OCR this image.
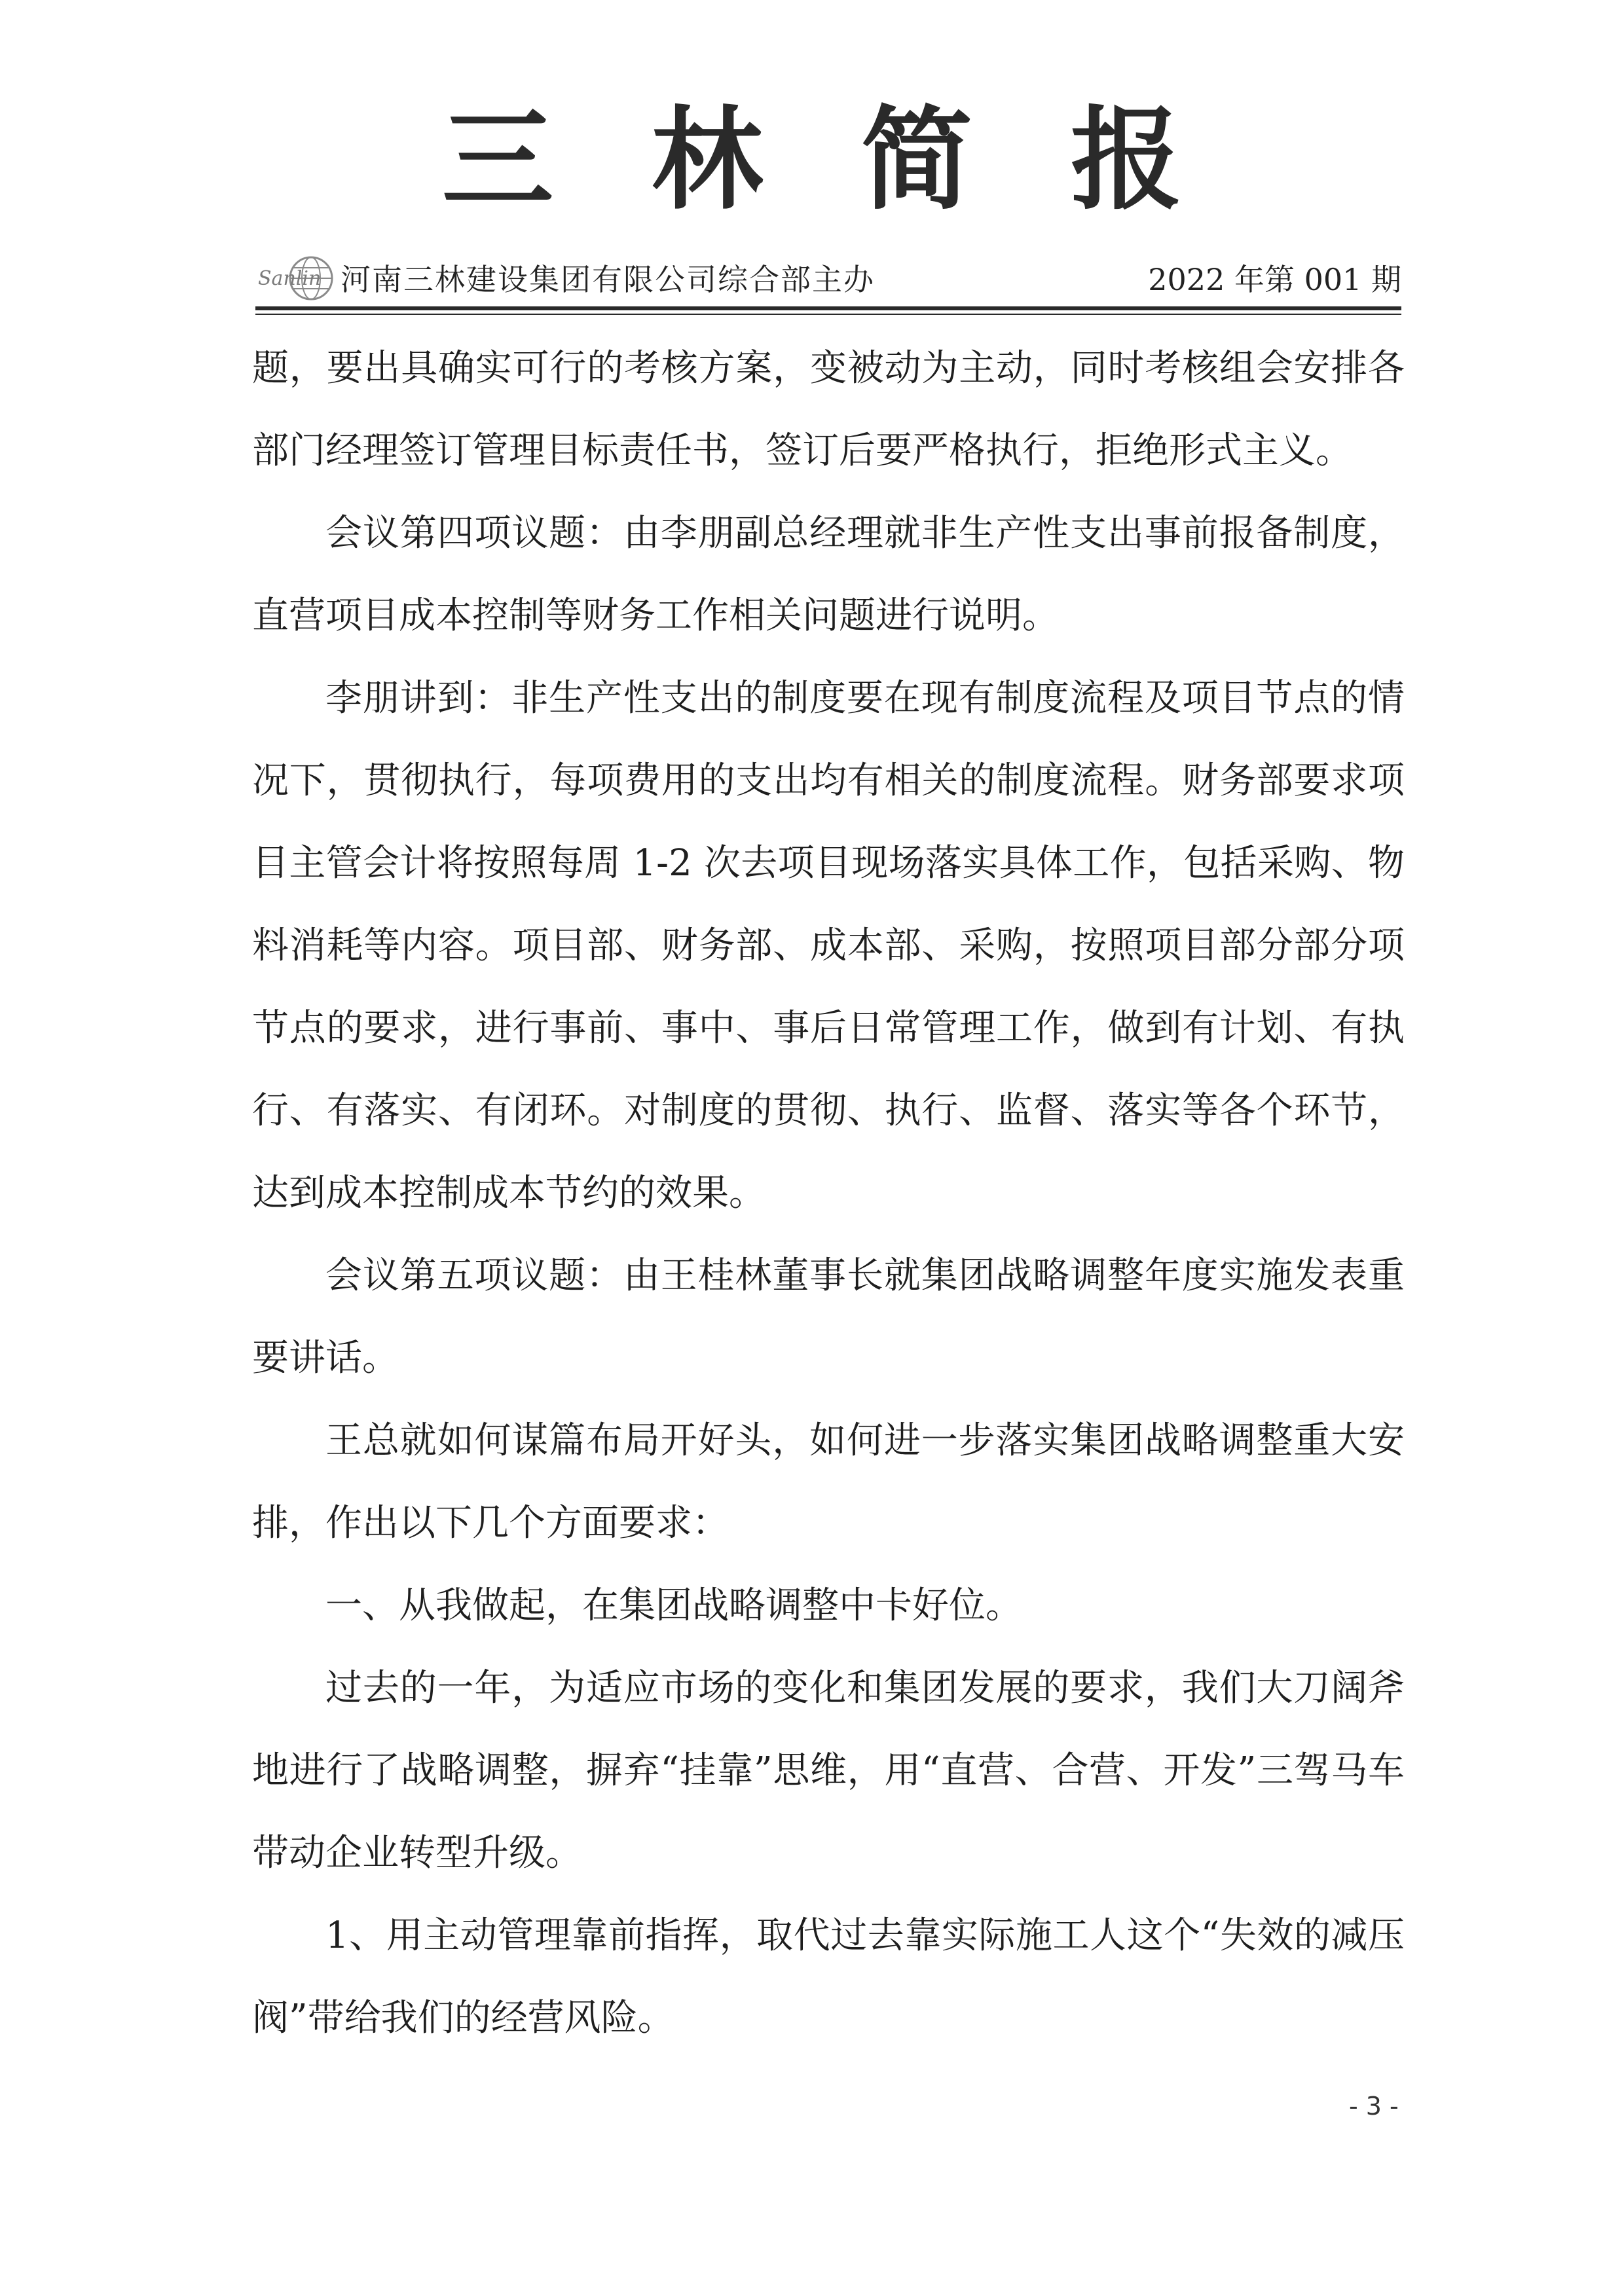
三林简报
Sanlin 河南三林建设集团有限公司综合部主办	2022 年第 001 期

题，要出具确实可行的考核方案，变被动为主动，同时考核组会安排各部门经理签订管理目标责任书，签订后要严格执行，拒绝形式主义。

会议第四项议题：由李朋副总经理就非生产性支出事前报备制度，直营项目成本控制等财务工作相关问题进行说明。

李朋讲到：非生产性支出的制度要在现有制度流程及项目节点的情况下，贯彻执行，每项费用的支出均有相关的制度流程。财务部要求项目主管会计将按照每周 1-2 次去项目现场落实具体工作，包括采购、物料消耗等内容。项目部、财务部、成本部、采购，按照项目部分部分项节点的要求，进行事前、事中、事后日常管理工作，做到有计划、有执行、有落实、有闭环。对制度的贯彻、执行、监督、落实等各个环节，达到成本控制成本节约的效果。

会议第五项议题：由王桂林董事长就集团战略调整年度实施发表重要讲话。

王总就如何谋篇布局开好头，如何进一步落实集团战略调整重大安排，作出以下几个方面要求：

一、从我做起，在集团战略调整中卡好位。

过去的一年，为适应市场的变化和集团发展的要求，我们大刀阔斧地进行了战略调整，摒弃“挂靠”思维，用“直营、合营、开发”三驾马车带动企业转型升级。

1、用主动管理靠前指挥，取代过去靠实际施工人这个“失效的减压阀”带给我们的经营风险。

- 3 -
